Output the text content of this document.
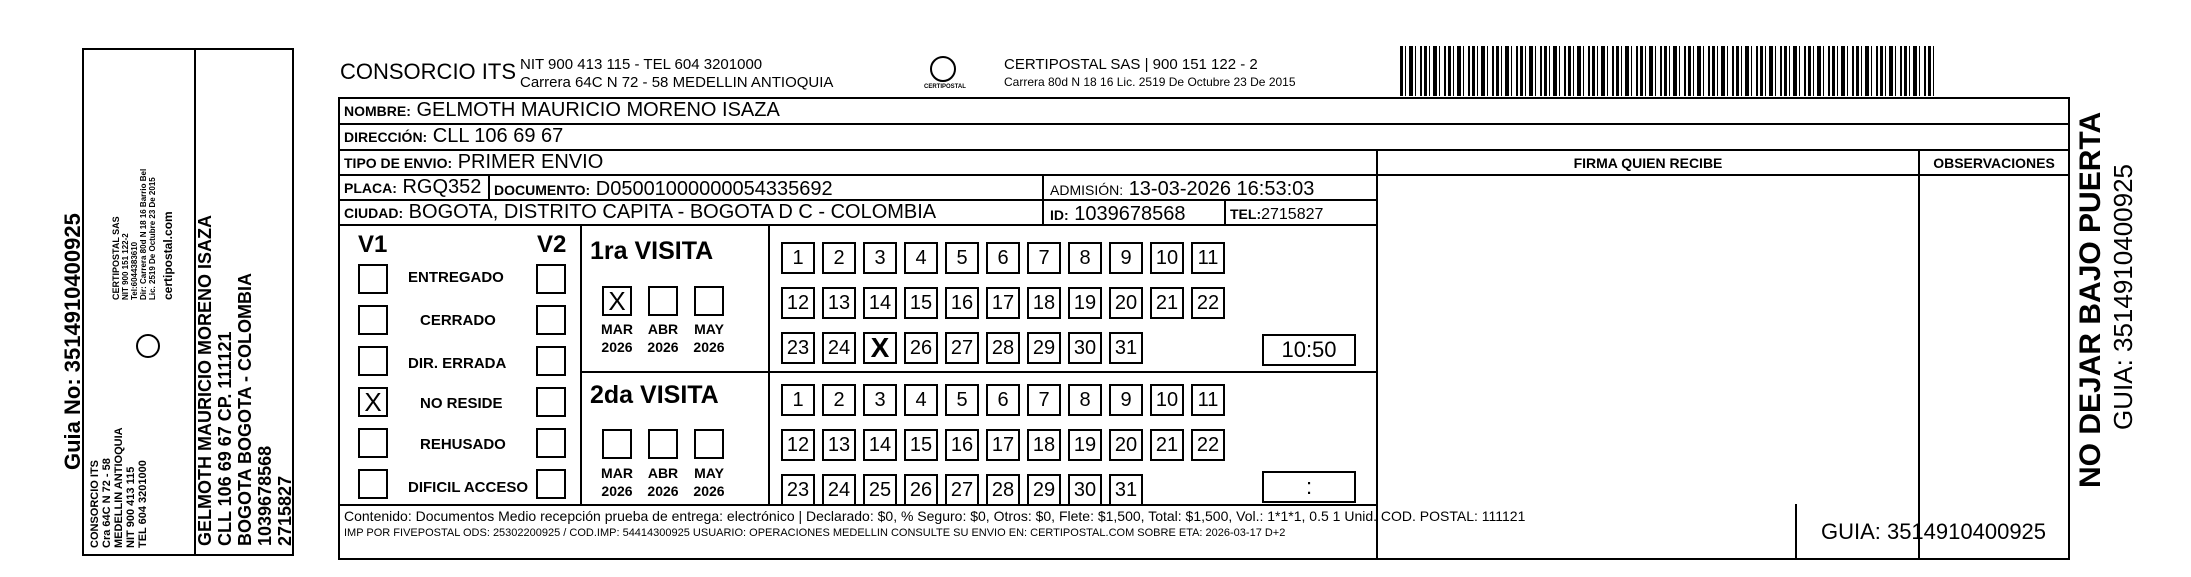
Guia No: 3514910400925
CONSORCIO ITS Cra 64C N 72 - 58 MEDELLIN ANTIOQUIA NIT 900 413 115 TEL 604 3201000
CERTIPOSTAL SAS NIT 900 151 122-2 Tel:6044383610 Dir: Carrera 80d N 18 16 Barrio Bel Lic. 2519 De Octubre 23 De 2015 certipostal.com GELMOTH MAURICIO MORENO ISAZA CLL 106 69 67 CP. 111121 BOGOTA BOGOTA - COLOMBIA 1039678568 2715827
CONSORCIO ITS NIT 900 413 115 - TEL 604 3201000
Carrera 64C N 72 - 58 MEDELLIN ANTIOQUIA	CERTIPOSTAL
CERTIPOSTAL SAS | 900 151 122 - 2
Carrera 80d N 18 16 Lic. 2519 De Octubre 23 De 2015
NOMBRE: GELMOTH MAURICIO MORENO ISAZA
DIRECCIÓN: CLL 106 69 67
TIPO DE ENVIO: PRIMER ENVIO
PLACA: RGQ352 DOCUMENTO: D05001000000054335692	ADMISIÓN: 13-03-2026 16:53:03
CIUDAD: BOGOTA, DISTRITO CAPITA - BOGOTA D C - COLOMBIA	ID: 1039678568	TEL:2715827
FIRMA QUIEN RECIBE	OBSERVACIONES
V1	V2
ENTREGADO
CERRADO
DIR. ERRADA
X	NO RESIDE
REHUSADO
DIFICIL ACCESO
1ra VISITA
X
MAR	ABR	MAY
2026	2026	2026
1	2	3	4	5	6	7	8	9	10 11
12 13 14 15 16 17 18 19 20 21 22
23 24 X	26 27 28 29 30 31	10:50
2da VISITA
MAR	ABR	MAY
2026	2026	2026
1	2	3	4	5	6	7	8	9	10 11
12 13 14 15 16 17 18 19 20 21 22
23 24 25 26 27 28 29 30 31	:
Contenido: Documentos Medio recepción prueba de entrega: electrónico | Declarado: $0, % Seguro: $0, Otros: $0, Flete: $1,500, Total: $1,500, Vol.: 1*1*1, 0.5 1 Unid. COD. POSTAL: 111121
IMP POR FIVEPOSTAL ODS: 25302200925 / COD.IMP: 54414300925 USUARIO: OPERACIONES MEDELLIN CONSULTE SU ENVIO EN: CERTIPOSTAL.COM SOBRE ETA: 2026-03-17 D+2	GUIA: 3514910400925
NO DEJAR BAJO PUERTA GUIA: 3514910400925
